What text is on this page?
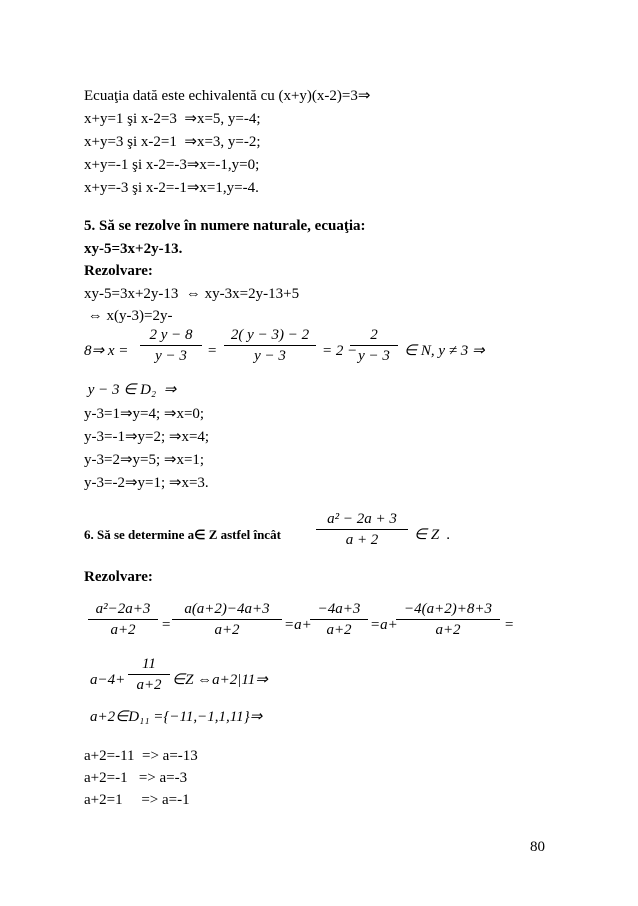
Ecuaţia dată este echivalentă cu (x+y)(x-2)=3⇒
x+y=1 şi x-2=3  ⇒x=5, y=-4;
x+y=3 şi x-2=1  ⇒x=3, y=-2;
x+y=-1 şi x-2=-3⇒x=-1,y=0;
x+y=-3 şi x-2=-1⇒x=1,y=-4.
5. Să se rezolve în numere naturale, ecuaţia:
xy-5=3x+2y-13.
Rezolvare:
xy-5=3x+2y-13  ⇔ xy-3x=2y-13+5
⇔ x(y-3)=2y-
8⇒ x =
2 y − 8
y − 3	=
2( y − 3) − 2
y − 3	= 2 −
2
y − 3 ∈ N, y ≠ 3 ⇒
y − 3 ∈ D₂  ⇒
y-3=1⇒y=4; ⇒x=0;
y-3=-1⇒y=2; ⇒x=4;
y-3=2⇒y=5; ⇒x=1;
y-3=-2⇒y=1; ⇒x=3.
6. Să se determine a∈ Z astfel încât
a² − 2a + 3
a + 2	∈ Z  .
Rezolvare:
a²−2a+3
a+2	=
a(a+2)−4a+3
a+2	=a+
−4a+3
a+2	=a+
−4(a+2)+8+3
a+2	=
a−4+
11
a+2 ∈Z ⇔a+2|11⇒
a+2∈D₁₁ ={−11,−1,1,11}⇒
a+2=-11  => a=-13
a+2=-1   => a=-3
a+2=1     => a=-1
80
